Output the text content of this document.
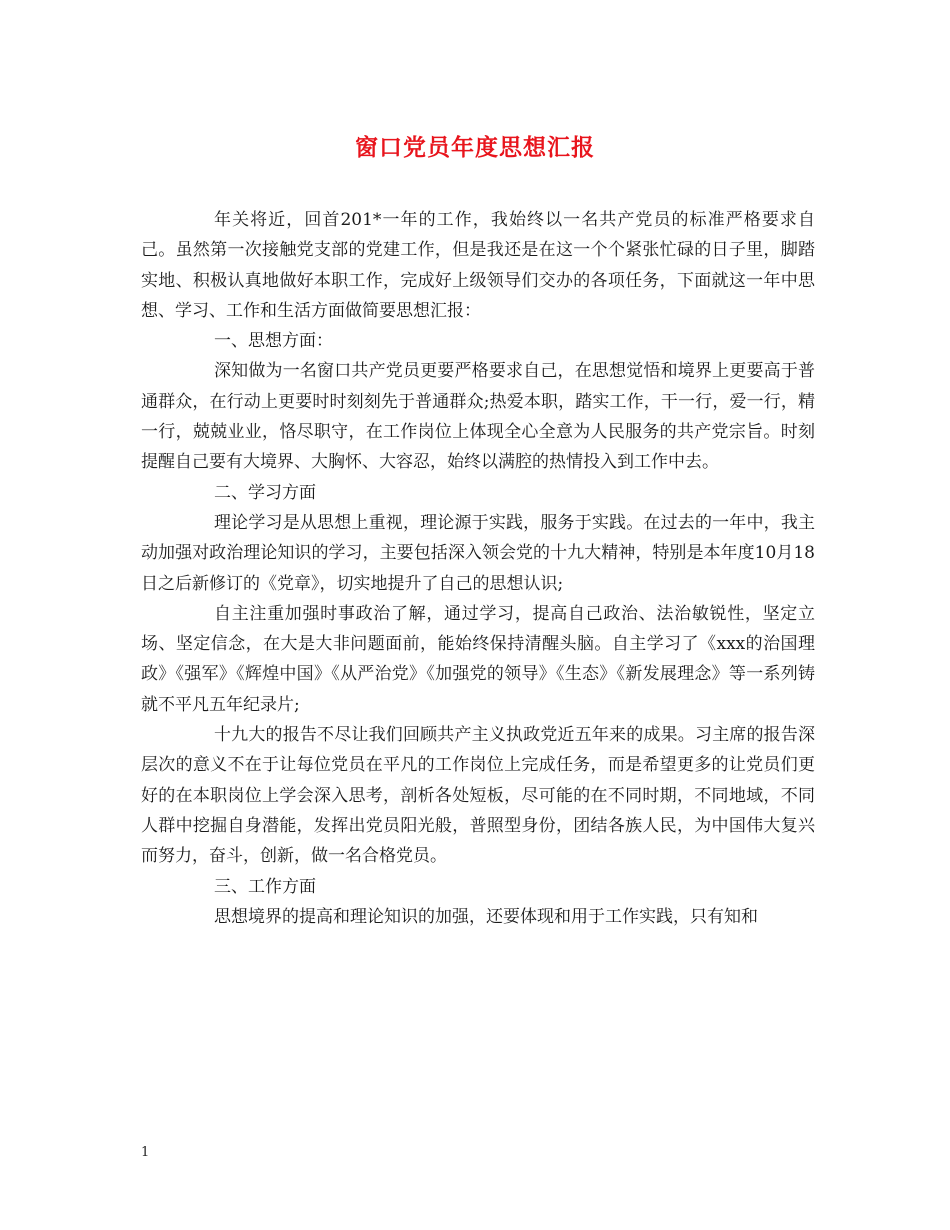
窗口党员年度思想汇报

年关将近，回首201*一年的工作，我始终以一名共产党员的标准严格要求自己。虽然第一次接触党支部的党建工作，但是我还是在这一个个紧张忙碌的日子里，脚踏实地、积极认真地做好本职工作，完成好上级领导们交办的各项任务，下面就这一年中思想、学习、工作和生活方面做简要思想汇报：

一、思想方面：

深知做为一名窗口共产党员更要严格要求自己，在思想觉悟和境界上更要高于普通群众，在行动上更要时时刻刻先于普通群众;热爱本职，踏实工作，干一行，爱一行，精一行，兢兢业业，恪尽职守，在工作岗位上体现全心全意为人民服务的共产党宗旨。时刻提醒自己要有大境界、大胸怀、大容忍，始终以满腔的热情投入到工作中去。

二、学习方面

理论学习是从思想上重视，理论源于实践，服务于实践。在过去的一年中，我主动加强对政治理论知识的学习，主要包括深入领会党的十九大精神，特别是本年度10月18日之后新修订的《党章》，切实地提升了自己的思想认识;

自主注重加强时事政治了解，通过学习，提高自己政治、法治敏锐性，坚定立场、坚定信念，在大是大非问题面前，能始终保持清醒头脑。自主学习了《xxx的治国理政》《强军》《辉煌中国》《从严治党》《加强党的领导》《生态》《新发展理念》等一系列铸就不平凡五年纪录片;

十九大的报告不尽让我们回顾共产主义执政党近五年来的成果。习主席的报告深层次的意义不在于让每位党员在平凡的工作岗位上完成任务，而是希望更多的让党员们更好的在本职岗位上学会深入思考，剖析各处短板，尽可能的在不同时期，不同地域，不同人群中挖掘自身潜能，发挥出党员阳光般，普照型身份，团结各族人民，为中国伟大复兴而努力，奋斗，创新，做一名合格党员。

三、工作方面

思想境界的提高和理论知识的加强，还要体现和用于工作实践，只有知和

1
